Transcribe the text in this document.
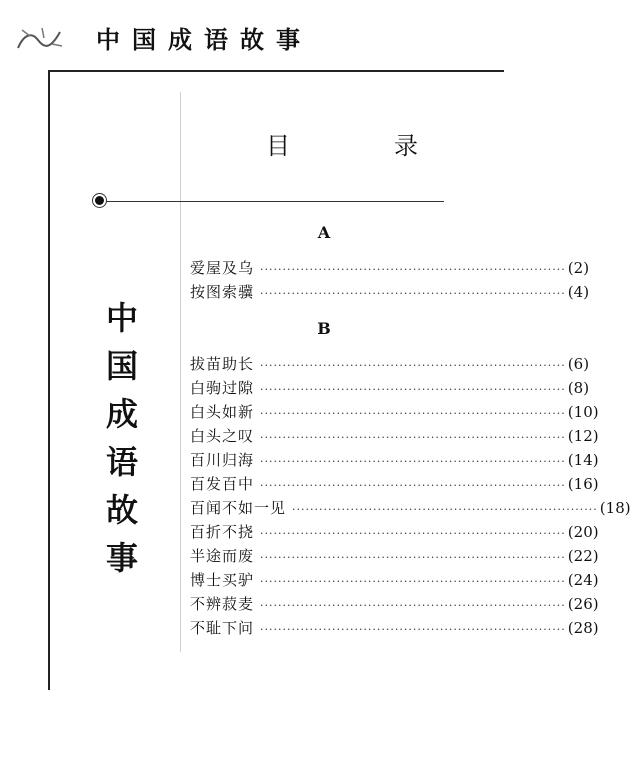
中国成语故事
目　录
中
国
成
语
故
事
A
爱屋及乌 ···································································· (2)
按图索骥 ···································································· (4)
B
拔苗助长 ···································································· (6)
白驹过隙 ···································································· (8)
白头如新 ···································································· (10)
白头之叹 ···································································· (12)
百川归海 ···································································· (14)
百发百中 ···································································· (16)
百闻不如一见 ···································································· (18)
百折不挠 ···································································· (20)
半途而废 ···································································· (22)
博士买驴 ···································································· (24)
不辨菽麦 ···································································· (26)
不耻下问 ···································································· (28)
